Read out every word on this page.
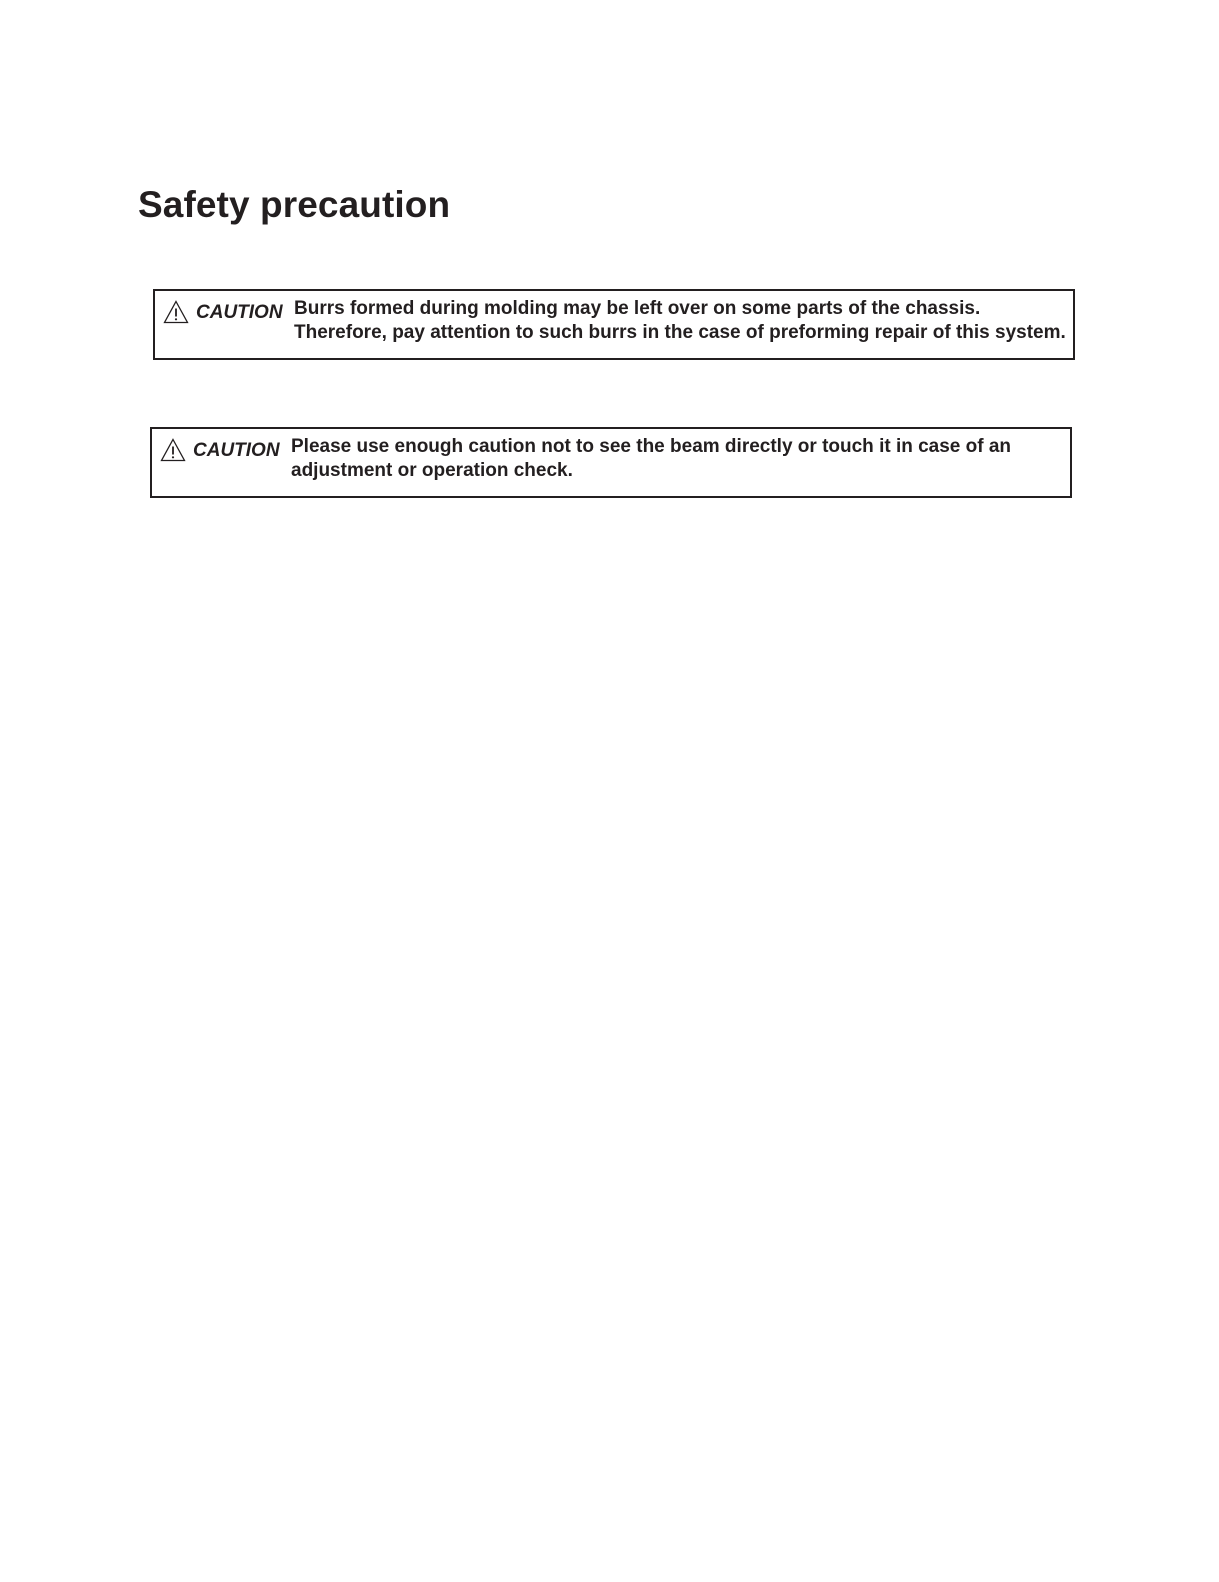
Safety precaution
CAUTION Burrs formed during molding may be left over on some parts of the chassis. Therefore, pay attention to such burrs in the case of preforming repair of this system.
CAUTION Please use enough caution not to see the beam directly or touch it in case of an adjustment or operation check.
